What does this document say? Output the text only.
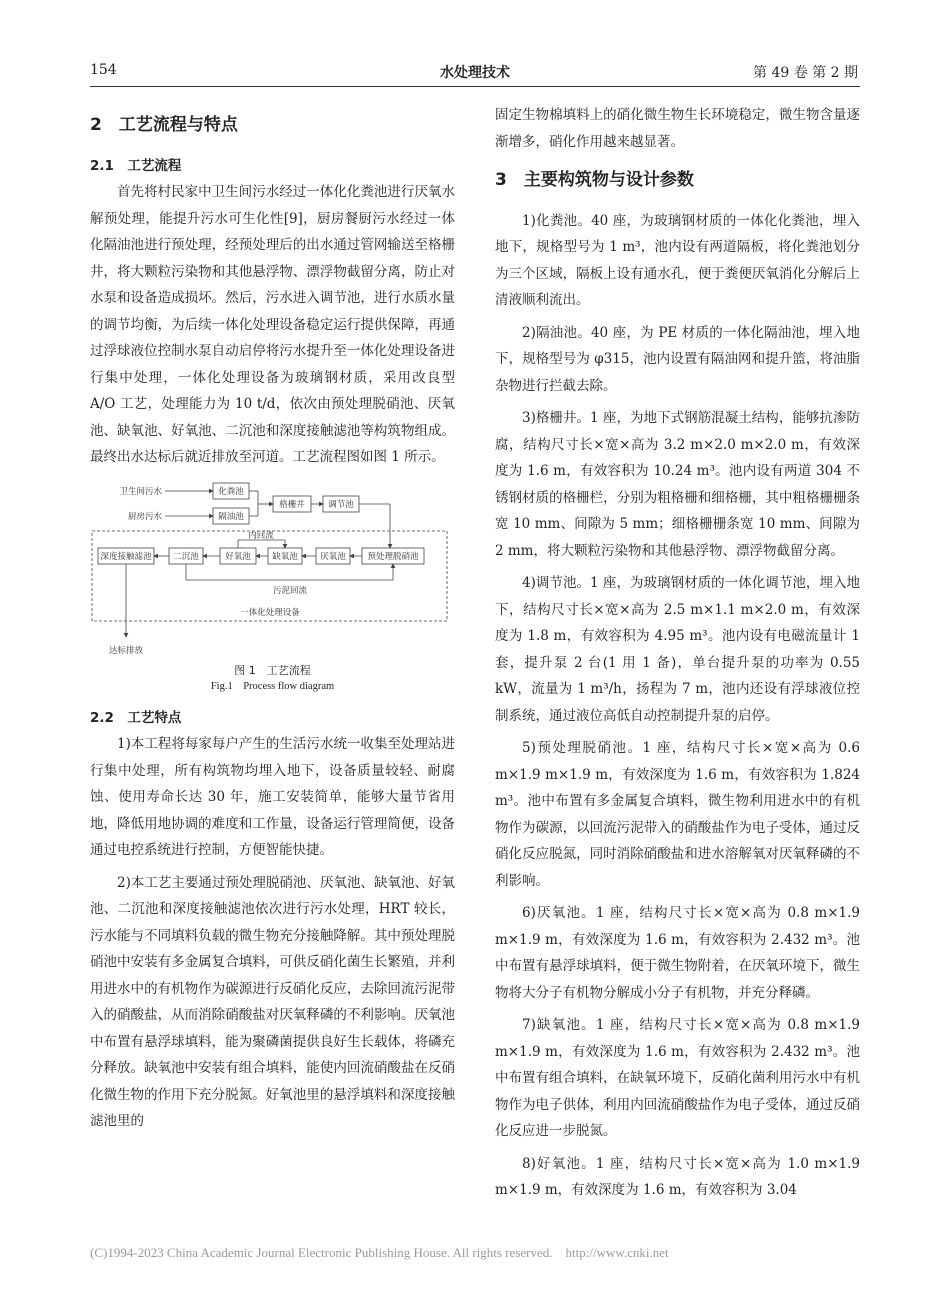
154	水处理技术	第 49 卷 第 2 期
2　工艺流程与特点
2.1　工艺流程

首先将村民家中卫生间污水经过一体化化粪池进行厌氧水解预处理，能提升污水可生化性[9]，厨房餐厨污水经过一体化隔油池进行预处理，经预处理后的出水通过管网输送至格栅井，将大颗粒污染物和其他悬浮物、漂浮物截留分离，防止对水泵和设备造成损坏。然后，污水进入调节池，进行水质水量的调节均衡，为后续一体化处理设备稳定运行提供保障，再通过浮球液位控制水泵自动启停将污水提升至一体化处理设备进行集中处理，一体化处理设备为玻璃钢材质，采用改良型 A/O 工艺，处理能力为 10 t/d，依次由预处理脱硝池、厌氧池、缺氧池、好氧池、二沉池和深度接触滤池等构筑物组成。最终出水达标后就近排放至河道。工艺流程图如图 1 所示。

卫生间污水
厨房污水
化粪池
隔油池
格栅井	调节池
预处理脱硝池
厌氧池
缺氧池
好氧池
二沉池
深度接触滤池
内回流
污泥回流
一体化处理设备
达标排放
图 1　工艺流程
Fig.1　Process flow diagram
2.2　工艺特点

1)本工程将每家每户产生的生活污水统一收集至处理站进行集中处理，所有构筑物均埋入地下，设备质量较轻、耐腐蚀、使用寿命长达 30 年，施工安装简单，能够大量节省用地，降低用地协调的难度和工作量，设备运行管理简便，设备通过电控系统进行控制，方便智能快捷。

2)本工艺主要通过预处理脱硝池、厌氧池、缺氧池、好氧池、二沉池和深度接触滤池依次进行污水处理，HRT 较长，污水能与不同填料负载的微生物充分接触降解。其中预处理脱硝池中安装有多金属复合填料，可供反硝化菌生长繁殖，并利用进水中的有机物作为碳源进行反硝化反应，去除回流污泥带入的硝酸盐，从而消除硝酸盐对厌氧释磷的不利影响。厌氧池中布置有悬浮球填料，能为聚磷菌提供良好生长载体，将磷充分释放。缺氧池中安装有组合填料，能使内回流硝酸盐在反硝化微生物的作用下充分脱氮。好氧池里的悬浮填料和深度接触滤池里的

固定生物棉填料上的硝化微生物生长环境稳定，微生物含量逐渐增多，硝化作用越来越显著。

3　主要构筑物与设计参数

1)化粪池。40 座，为玻璃钢材质的一体化化粪池，埋入地下，规格型号为 1 m³，池内设有两道隔板，将化粪池划分为三个区域，隔板上设有通水孔，便于粪便厌氧消化分解后上清液顺利流出。

2)隔油池。40 座，为 PE 材质的一体化隔油池，埋入地下，规格型号为 φ315，池内设置有隔油网和提升篮，将油脂杂物进行拦截去除。

3)格栅井。1 座，为地下式钢筋混凝土结构，能够抗渗防腐，结构尺寸长×宽×高为 3.2 m×2.0 m×2.0 m，有效深度为 1.6 m，有效容积为 10.24 m³。池内设有两道 304 不锈钢材质的格栅栏，分别为粗格栅和细格栅，其中粗格栅栅条宽 10 mm、间隙为 5 mm；细格栅栅条宽 10 mm、间隙为 2 mm，将大颗粒污染物和其他悬浮物、漂浮物截留分离。

4)调节池。1 座，为玻璃钢材质的一体化调节池，埋入地下，结构尺寸长×宽×高为 2.5 m×1.1 m×2.0 m，有效深度为 1.8 m，有效容积为 4.95 m³。池内设有电磁流量计 1 套，提升泵 2 台(1 用 1 备)，单台提升泵的功率为 0.55 kW，流量为 1 m³/h，扬程为 7 m，池内还设有浮球液位控制系统，通过液位高低自动控制提升泵的启停。

5)预处理脱硝池。1 座，结构尺寸长×宽×高为 0.6 m×1.9 m×1.9 m，有效深度为 1.6 m，有效容积为 1.824 m³。池中布置有多金属复合填料，微生物利用进水中的有机物作为碳源，以回流污泥带入的硝酸盐作为电子受体，通过反硝化反应脱氮，同时消除硝酸盐和进水溶解氧对厌氧释磷的不利影响。

6)厌氧池。1 座，结构尺寸长×宽×高为 0.8 m×1.9 m×1.9 m，有效深度为 1.6 m，有效容积为 2.432 m³。池中布置有悬浮球填料，便于微生物附着，在厌氧环境下，微生物将大分子有机物分解成小分子有机物，并充分释磷。

7)缺氧池。1 座，结构尺寸长×宽×高为 0.8 m×1.9 m×1.9 m，有效深度为 1.6 m，有效容积为 2.432 m³。池中布置有组合填料，在缺氧环境下，反硝化菌利用污水中有机物作为电子供体，利用内回流硝酸盐作为电子受体，通过反硝化反应进一步脱氮。

8)好氧池。1 座，结构尺寸长×宽×高为 1.0 m×1.9 m×1.9 m，有效深度为 1.6 m，有效容积为 3.04

(C)1994-2023 China Academic Journal Electronic Publishing House. All rights reserved.　http://www.cnki.net
